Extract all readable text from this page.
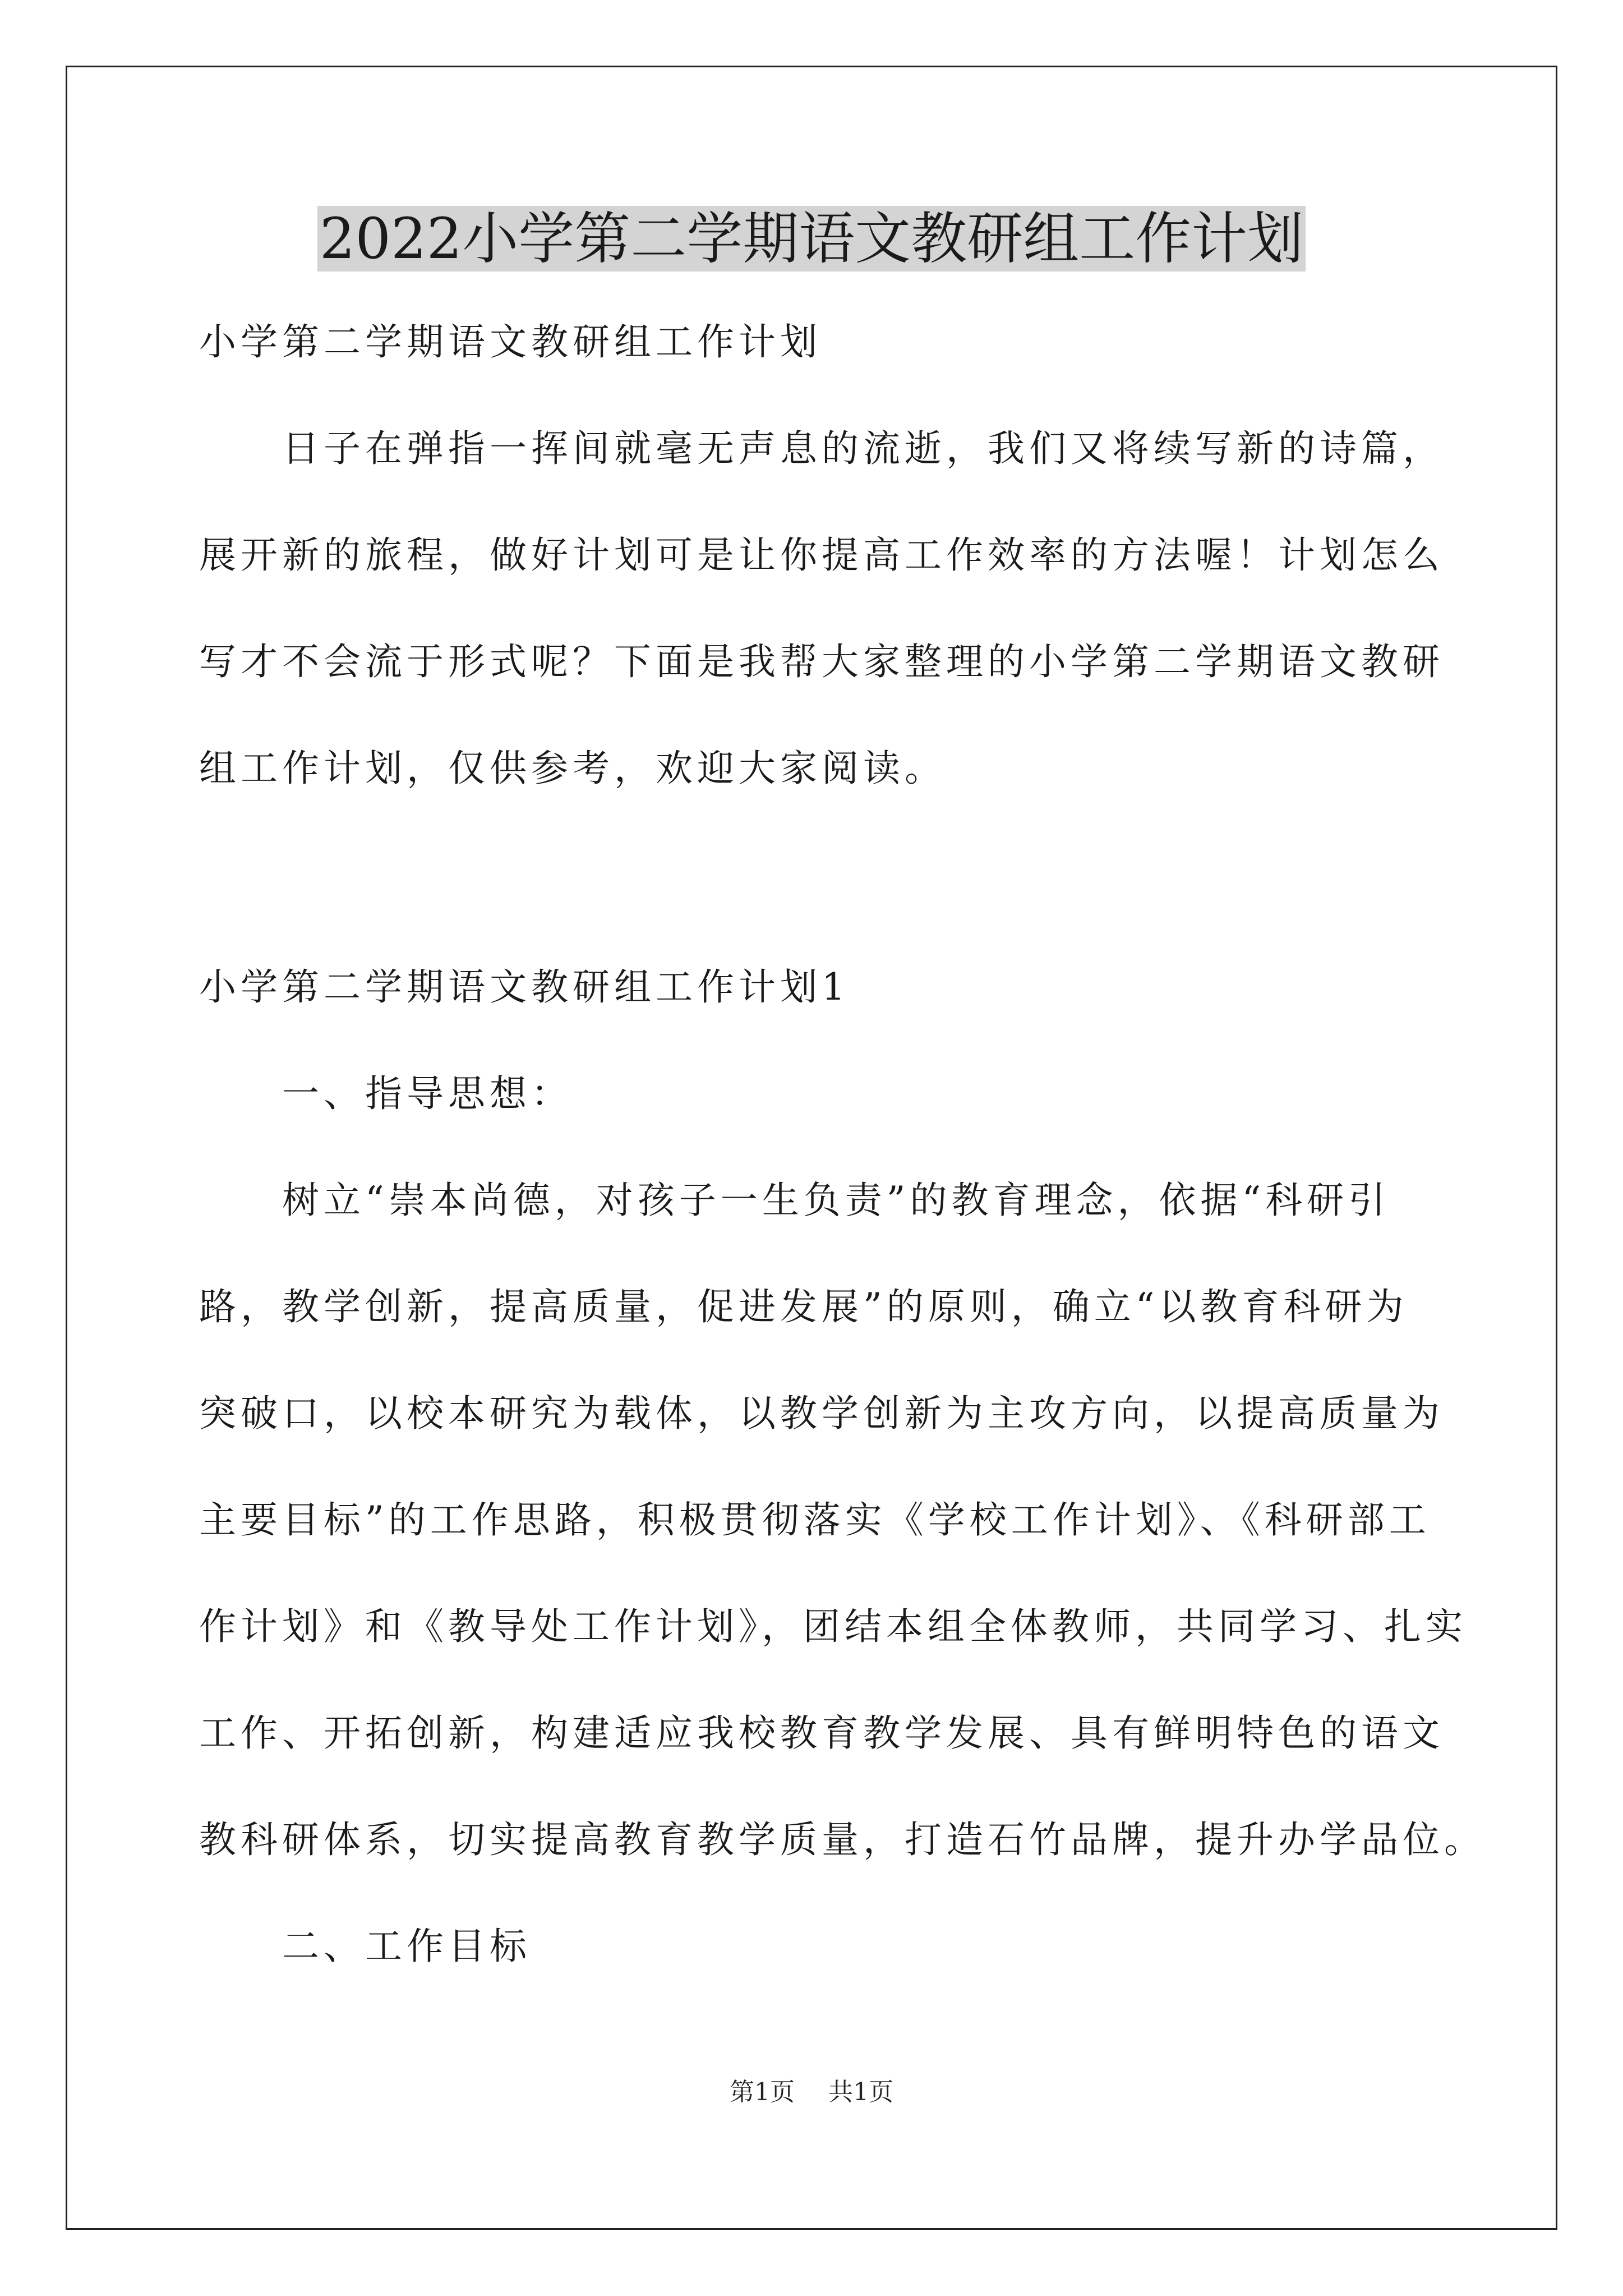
2022小学第二学期语文教研组工作计划

小学第二学期语文教研组工作计划

日子在弹指一挥间就毫无声息的流逝，我们又将续写新的诗篇，

展开新的旅程，做好计划可是让你提高工作效率的方法喔！计划怎么

写才不会流于形式呢？下面是我帮大家整理的小学第二学期语文教研

组工作计划，仅供参考，欢迎大家阅读。

小学第二学期语文教研组工作计划1

一、指导思想：

树立“崇本尚德，对孩子一生负责”的教育理念，依据“科研引

路，教学创新，提高质量，促进发展”的原则，确立“以教育科研为

突破口，以校本研究为载体，以教学创新为主攻方向，以提高质量为

主要目标”的工作思路，积极贯彻落实《学校工作计划》、《科研部工

作计划》和《教导处工作计划》，团结本组全体教师，共同学习、扎实

工作、开拓创新，构建适应我校教育教学发展、具有鲜明特色的语文

教科研体系，切实提高教育教学质量，打造石竹品牌，提升办学品位。

二、工作目标

第1页 共1页
